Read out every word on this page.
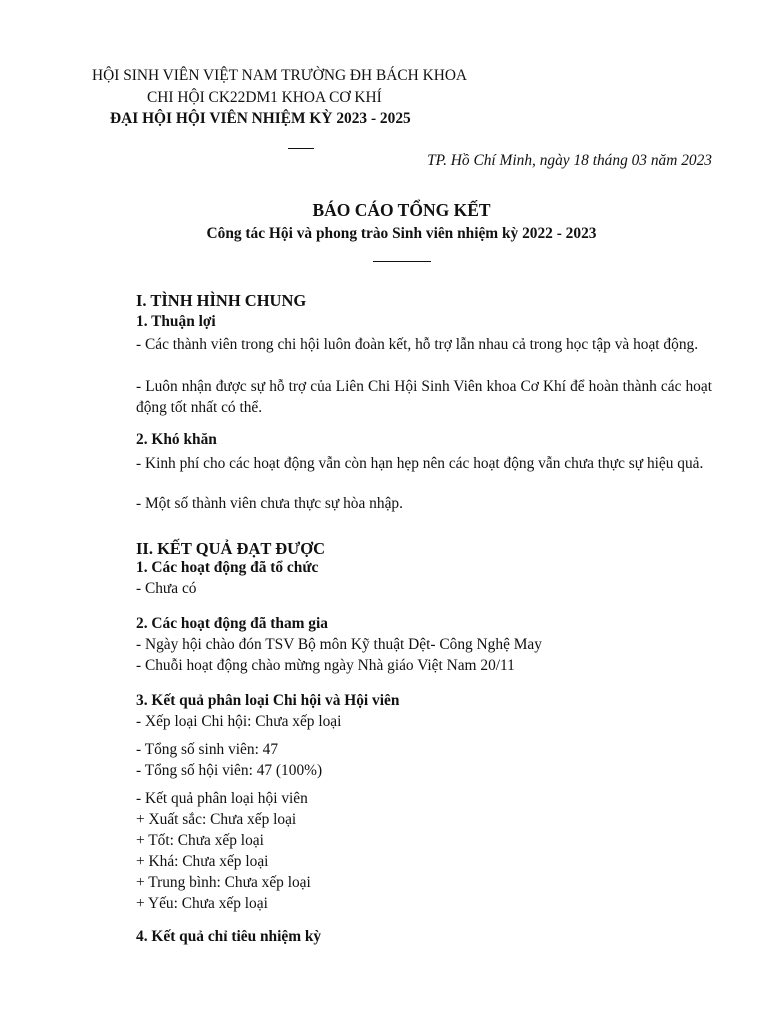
HỘI SINH VIÊN VIỆT NAM TRƯỜNG ĐH BÁCH KHOA
CHI HỘI CK22DM1 KHOA CƠ KHÍ
ĐẠI HỘI HỘI VIÊN NHIỆM KỲ 2023 - 2025
TP. Hồ Chí Minh, ngày 18 tháng 03 năm 2023
BÁO CÁO TỔNG KẾT
Công tác Hội và phong trào Sinh viên nhiệm kỳ 2022 - 2023
I. TÌNH HÌNH CHUNG
1. Thuận lợi
- Các thành viên trong chi hội luôn đoàn kết, hỗ trợ lẫn nhau cả trong học tập và hoạt động.
- Luôn nhận được sự hỗ trợ của Liên Chi Hội Sinh Viên khoa Cơ Khí để hoàn thành các hoạt động tốt nhất có thể.
2. Khó khăn
- Kinh phí cho các hoạt động vẫn còn hạn hẹp nên các hoạt động vẫn chưa thực sự hiệu quả.
- Một số thành viên chưa thực sự hòa nhập.
II. KẾT QUẢ ĐẠT ĐƯỢC
1. Các hoạt động đã tổ chức
- Chưa có
2. Các hoạt động đã tham gia
- Ngày hội chào đón TSV Bộ môn Kỹ thuật Dệt- Công Nghệ May
- Chuỗi hoạt động chào mừng ngày Nhà giáo Việt Nam 20/11
3. Kết quả phân loại Chi hội và Hội viên
- Xếp loại Chi hội: Chưa xếp loại
- Tổng số sinh viên: 47
- Tổng số hội viên: 47 (100%)
- Kết quả phân loại hội viên
+ Xuất sắc: Chưa xếp loại
+ Tốt: Chưa xếp loại
+ Khá: Chưa xếp loại
+ Trung bình: Chưa xếp loại
+ Yếu: Chưa xếp loại
4. Kết quả chỉ tiêu nhiệm kỳ
